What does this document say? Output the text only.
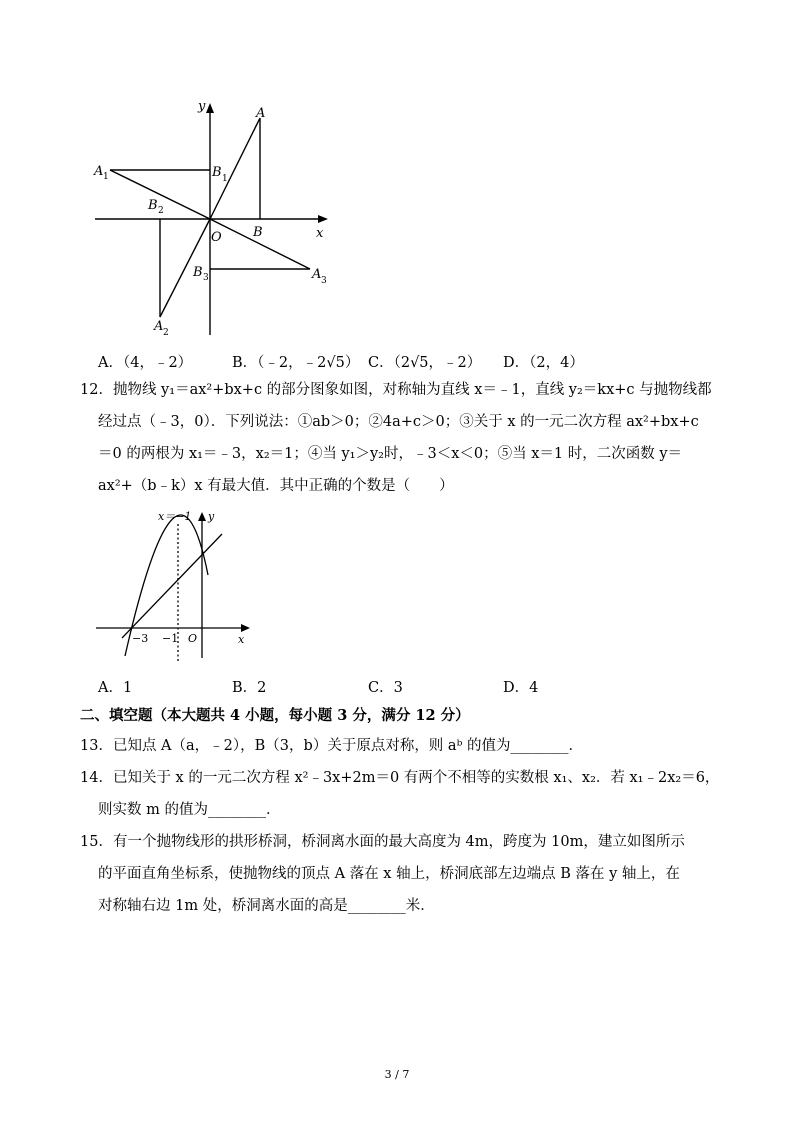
y
x
A
A 1	B 1
B 2
O B
B 3	A 3
A 2
A．（4，﹣2）	B．（﹣2，﹣2√5） C．（2√5，﹣2） D．（2，4）
12．抛物线 y₁＝ax²+bx+c 的部分图象如图，对称轴为直线 x＝﹣1，直线 y₂＝kx+c 与抛物线都
经过点（﹣3，0）．下列说法：①ab＞0；②4a+c＞0；③关于 x 的一元二次方程 ax²+bx+c
＝0 的两根为 x₁＝﹣3，x₂＝1；④当 y₁＞y₂时，﹣3＜x＜0；⑤当 x＝1 时，二次函数 y＝
ax²+（b﹣k）x 有最大值．其中正确的个数是（　　）
x＝−1 y
x
−3 −1 O
A．1	B．2	C．3	D．4
二、填空题（本大题共 4 小题，每小题 3 分，满分 12 分）
13．已知点 A（a，﹣2），B（3，b）关于原点对称，则 aᵇ 的值为________．
14．已知关于 x 的一元二次方程 x²﹣3x+2m＝0 有两个不相等的实数根 x₁、x₂．若 x₁﹣2x₂＝6，
则实数 m 的值为________．
15．有一个抛物线形的拱形桥洞，桥洞离水面的最大高度为 4m，跨度为 10m，建立如图所示
的平面直角坐标系，使抛物线的顶点 A 落在 x 轴上，桥洞底部左边端点 B 落在 y 轴上，在
对称轴右边 1m 处，桥洞离水面的高是________米．
3 / 7
